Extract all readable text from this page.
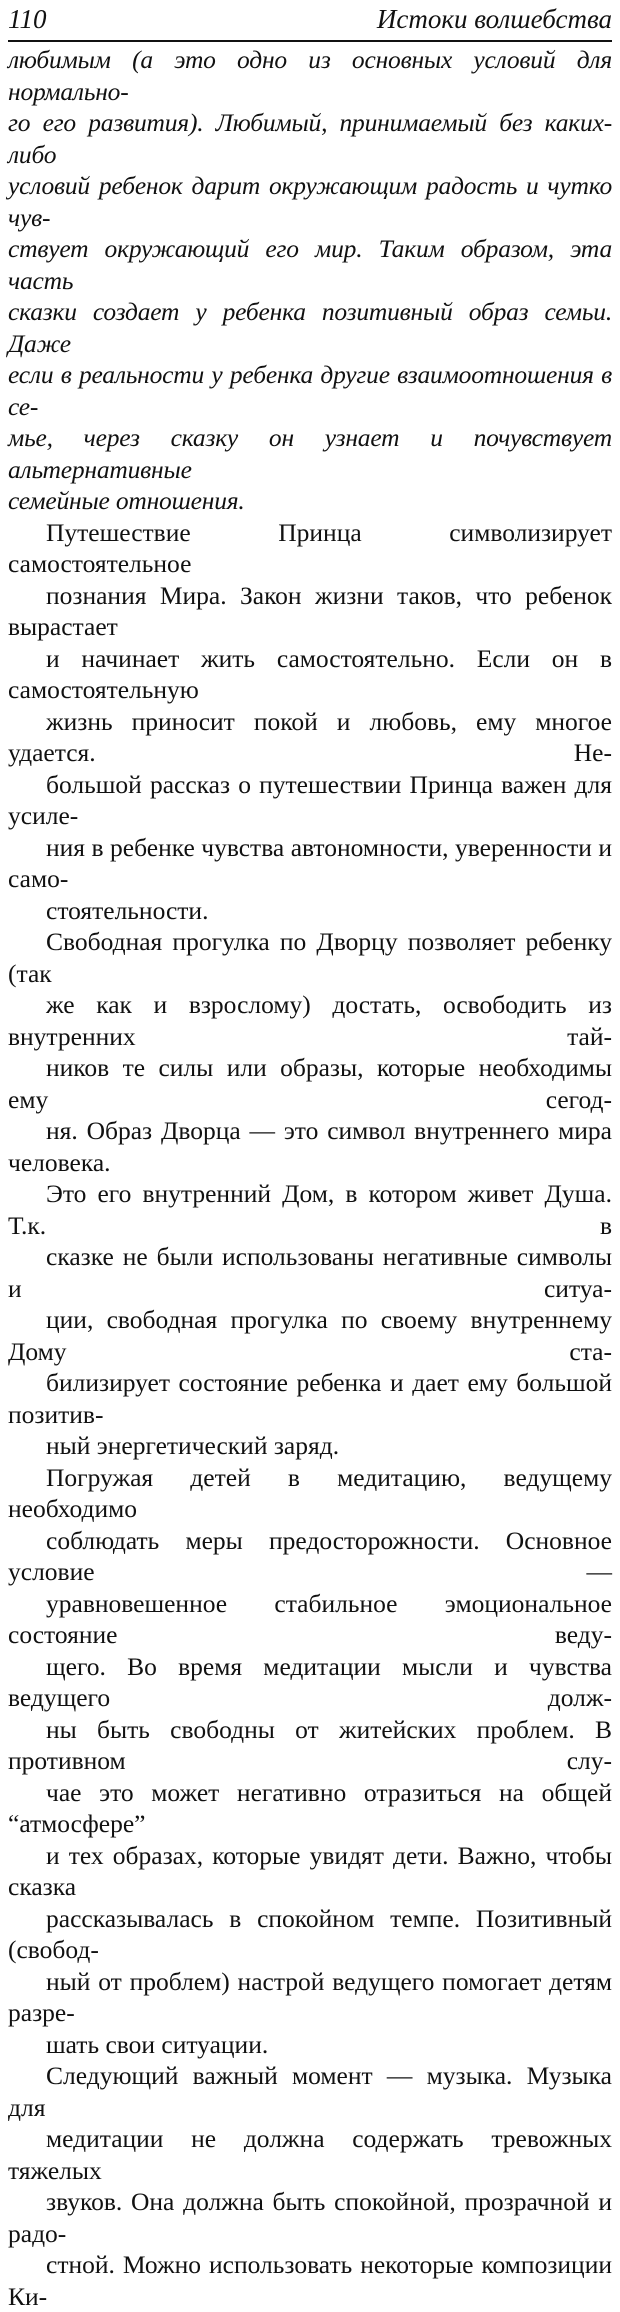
110	Истоки волшебства

любимым (а это одно из основных условий для нормально-
го его развития). Любимый, принимаемый без каких-либо
условий ребенок дарит окружающим радость и чутко чув-
ствует окружающий его мир. Таким образом, эта часть
сказки создает у ребенка позитивный образ семьи. Даже
если в реальности у ребенка другие взаимоотношения в се-
мье, через сказку он узнает и почувствует альтернативные
семейные отношения.

Путешествие Принца символизирует самостоятельное
познания Мира. Закон жизни таков, что ребенок вырастает
и начинает жить самостоятельно. Если он в самостоятельную
жизнь приносит покой и любовь, ему многое удается. Не-
большой рассказ о путешествии Принца важен для усиле-
ния в ребенке чувства автономности, уверенности и само-
стоятельности.

Свободная прогулка по Дворцу позволяет ребенку (так
же как и взрослому) достать, освободить из внутренних тай-
ников те силы или образы, которые необходимы ему сегод-
ня. Образ Дворца — это символ внутреннего мира человека.
Это его внутренний Дом, в котором живет Душа. Т.к. в
сказке не были использованы негативные символы и ситуа-
ции, свободная прогулка по своему внутреннему Дому ста-
билизирует состояние ребенка и дает ему большой позитив-
ный энергетический заряд.

Погружая детей в медитацию, ведущему необходимо
соблюдать меры предосторожности. Основное условие —
уравновешенное стабильное эмоциональное состояние веду-
щего. Во время медитации мысли и чувства ведущего долж-
ны быть свободны от житейских проблем. В противном слу-
чае это может негативно отразиться на общей “атмосфере”
и тех образах, которые увидят дети. Важно, чтобы сказка
рассказывалась в спокойном темпе. Позитивный (свобод-
ный от проблем) настрой ведущего помогает детям разре-
шать свои ситуации.

Следующий важный момент — музыка. Музыка для
медитации не должна содержать тревожных тяжелых
звуков. Она должна быть спокойной, прозрачной и радо-
стной. Можно использовать некоторые композиции Ки-
